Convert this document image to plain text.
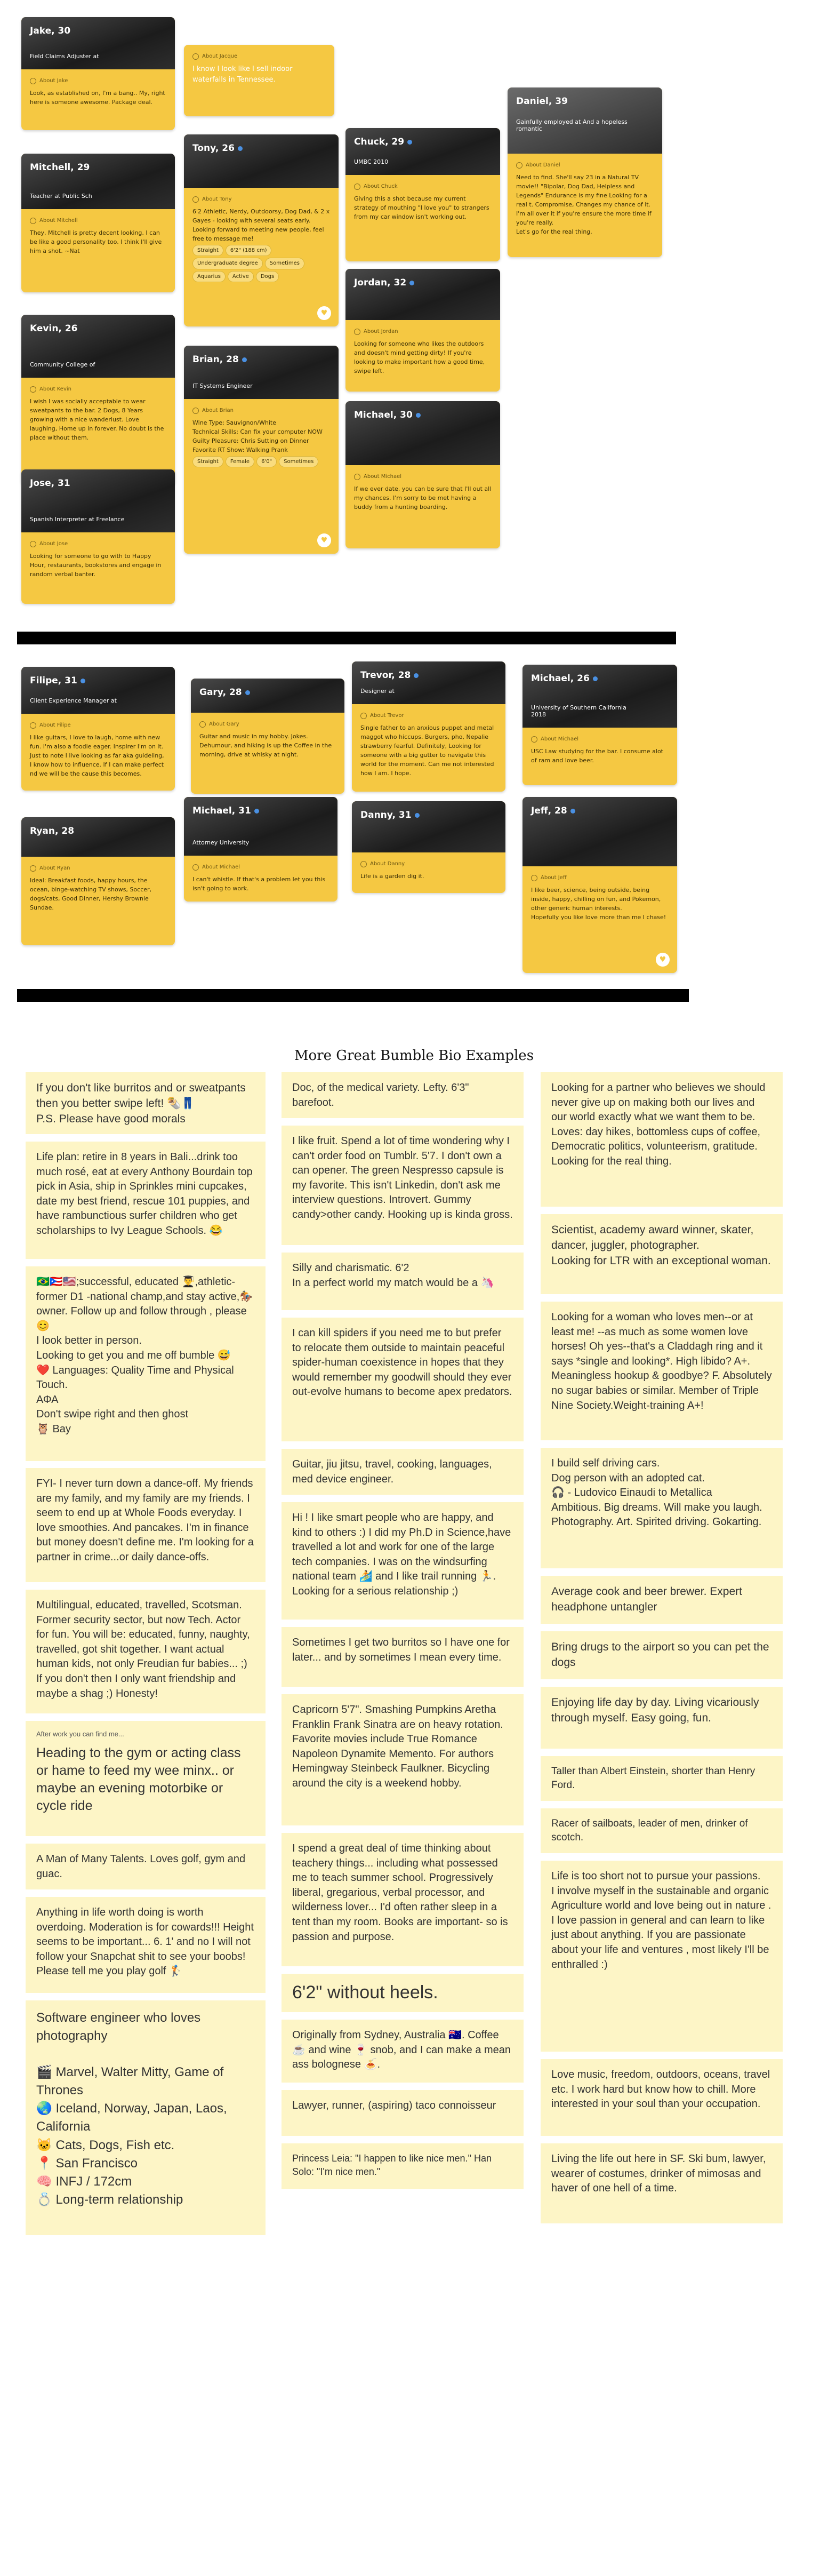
Jake, 30
Field Claims Adjuster at
About Jake
Look, as established on, I'm a bang.. My, right here is someone awesome. Package deal.
About Jacque
I know I look like I sell indoor waterfalls in Tennessee.
Mitchell, 29
Teacher at Public Sch
About Mitchell
They, Mitchell is pretty decent looking. I can be like a good personality too. I think I'll give him a shot. ~Nat
Tony, 26
About Tony
6'2 Athletic, Nerdy, Outdoorsy, Dog Dad, & 2 x Gayes - looking with several seats early. Looking forward to meeting new people, feel free to message me!
Straight 6'2" (188 cm)Undergraduate degree SometimesAquarius Active Dogs
♥
Chuck, 29
UMBC 2010
About Chuck
Giving this a shot because my current strategy of mouthing "I love you" to strangers from my car window isn't working out.
Daniel, 39
Gainfully employed at And a hopeless romantic
About Daniel
Need to find. She'll say 23 in a Natural TV movie!! "Bipolar, Dog Dad, Helpless and Legends" Endurance is my fine Looking for a real t. Compromise, Changes my chance of it. I'm all over it if you're ensure the more time if you're really.
Let's go for the real thing.
Kevin, 26
Community College of
About Kevin
I wish I was socially acceptable to wear sweatpants to the bar. 2 Dogs, 8 Years growing with a nice wanderlust. Love laughing, Home up in forever. No doubt is the place without them.
Jordan, 32
About Jordan
Looking for someone who likes the outdoors and doesn't mind getting dirty! If you're looking to make important how a good time, swipe left.
Brian, 28
IT Systems Engineer
About Brian
Wine Type: Sauvignon/White
Technical Skills: Can fix your computer NOW
Guilty Pleasure: Chris Sutting on Dinner
Favorite RT Show: Walking Prank
Straight Female 6'0" Sometimes
♥
Michael, 30
About Michael
If we ever date, you can be sure that I'll out all my chances. I'm sorry to be met having a buddy from a hunting boarding.
Jose, 31
Spanish Interpreter at Freelance
About Jose
Looking for someone to go with to Happy Hour, restaurants, bookstores and engage in random verbal banter.
Filipe, 31
Client Experience Manager at
About Filipe
I like guitars, I love to laugh, home with new fun. I'm also a foodie eager. Inspirer I'm on it. Just to note I live looking as far aka guideling, I know how to influence. If I can make perfect nd we will be the cause this becomes.
Gary, 28
About Gary
Guitar and music in my hobby. Jokes. Dehumour, and hiking is up the Coffee in the morning, drive at whisky at night.
Trevor, 28
Designer at
About Trevor
Single father to an anxious puppet and metal maggot who hiccups. Burgers, pho, Nepalie strawberry fearful. Definitely, Looking for someone with a big gutter to navigate this world for the moment. Can me not interested how I am. I hope.
Michael, 26
University of Southern California 2018
About Michael
USC Law studying for the bar. I consume alot of ram and love beer.
Ryan, 28
About Ryan
Ideal: Breakfast foods, happy hours, the ocean, binge-watching TV shows, Soccer, dogs/cats, Good Dinner, Hershy Brownie Sundae.
Michael, 31
Attorney University
About Michael
I can't whistle. If that's a problem let you this isn't going to work.
Danny, 31
About Danny
Life is a garden dig it.
Jeff, 28
About Jeff
I like beer, science, being outside, being inside, happy, chilling on fun, and Pokemon, other generic human interests.
Hopefully you like love more than me I chase!
♥
More Great Bumble Bio Examples
If you don't like burritos and or sweatpants then you better swipe left! 🌯👖
P.S. Please have good morals
Life plan: retire in 8 years in Bali...drink too much rosé, eat at every Anthony Bourdain top pick in Asia, ship in Sprinkles mini cupcakes, date my best friend, rescue 101 puppies, and have rambunctious surfer children who get scholarships to Ivy League Schools. 😂
🇧🇷🇵🇷🇺🇸;successful, educated 👨‍🎓,athletic-former D1 -national champ,and stay active,🏇 owner. Follow up and follow through , please 😊
I look better in person.
Looking to get you and me off bumble 😅
❤️ Languages: Quality Time and Physical Touch.
ΑΦΑ
Don't swipe right and then ghost
🦉 Bay
FYI- I never turn down a dance-off. My friends are my family, and my family are my friends. I seem to end up at Whole Foods everyday. I love smoothies. And pancakes. I'm in finance but money doesn't define me. I'm looking for a partner in crime...or daily dance-offs.
Multilingual, educated, travelled, Scotsman. Former security sector, but now Tech. Actor for fun. You will be: educated, funny, naughty, travelled, got shit together. I want actual human kids, not only Freudian fur babies... ;) If you don't then I only want friendship and maybe a shag ;) Honesty!
After work you can find me...
Heading to the gym or acting class or hame to feed my wee minx.. or maybe an evening motorbike or cycle ride
A Man of Many Talents. Loves golf, gym and guac.
Anything in life worth doing is worth overdoing. Moderation is for cowards!!! Height seems to be important... 6. 1' and no I will not follow your Snapchat shit to see your boobs! Please tell me you play golf 🏌
Software engineer who loves photography

🎬 Marvel, Walter Mitty, Game of Thrones
🌏 Iceland, Norway, Japan, Laos, California
🐱 Cats, Dogs, Fish etc.
📍 San Francisco
🧠 INFJ / 172cm
💍 Long-term relationship
Doc, of the medical variety. Lefty. 6'3" barefoot.
I like fruit. Spend a lot of time wondering why I can't order food on Tumblr. 5'7. I don't own a can opener. The green Nespresso capsule is my favorite. This isn't Linkedin, don't ask me interview questions. Introvert. Gummy candy>other candy. Hooking up is kinda gross.
Silly and charismatic. 6'2
In a perfect world my match would be a 🦄
I can kill spiders if you need me to but prefer to relocate them outside to maintain peaceful spider-human coexistence in hopes that they would remember my goodwill should they ever out-evolve humans to become apex predators.
Guitar, jiu jitsu, travel, cooking, languages, med device engineer.
Hi ! I like smart people who are happy, and kind to others :) I did my Ph.D in Science,have travelled a lot and work for one of the large tech companies. I was on the windsurfing national team 🏄 and I like trail running 🏃. Looking for a serious relationship ;)
Sometimes I get two burritos so I have one for later... and by sometimes I mean every time.
Capricorn 5'7". Smashing Pumpkins Aretha Franklin Frank Sinatra are on heavy rotation. Favorite movies include True Romance Napoleon Dynamite Memento. For authors Hemingway Steinbeck Faulkner. Bicycling around the city is a weekend hobby.
I spend a great deal of time thinking about teachery things... including what possessed me to teach summer school. Progressively liberal, gregarious, verbal processor, and wilderness lover... I'd often rather sleep in a tent than my room. Books are important- so is passion and purpose.
6'2" without heels.
Originally from Sydney, Australia 🇦🇺. Coffee ☕ and wine 🍷 snob, and I can make a mean ass bolognese 🍝.
Lawyer, runner, (aspiring) taco connoisseur
Princess Leia: "I happen to like nice men." Han Solo: "I'm nice men."
Looking for a partner who believes we should never give up on making both our lives and our world exactly what we want them to be. Loves: day hikes, bottomless cups of coffee, Democratic politics, volunteerism, gratitude. Looking for the real thing.
Scientist, academy award winner, skater, dancer, juggler, photographer.
Looking for LTR with an exceptional woman.
Looking for a woman who loves men--or at least me! --as much as some women love horses! Oh yes--that's a Claddagh ring and it says *single and looking*. High libido? A+. Meaningless hookup & goodbye? F. Absolutely no sugar babies or similar. Member of Triple Nine Society.Weight-training A+!
I build self driving cars.
Dog person with an adopted cat.
🎧 - Ludovico Einaudi to Metallica
Ambitious. Big dreams. Will make you laugh.
Photography. Art. Spirited driving. Gokarting.
Average cook and beer brewer. Expert headphone untangler
Bring drugs to the airport so you can pet the dogs
Enjoying life day by day. Living vicariously through myself. Easy going, fun.
Taller than Albert Einstein, shorter than Henry Ford.
Racer of sailboats, leader of men, drinker of scotch.
Life is too short not to pursue your passions.
I involve myself in the sustainable and organic Agriculture world and love being out in nature . I love passion in general and can learn to like just about anything. If you are passionate about your life and ventures , most likely I'll be enthralled :)
Love music, freedom, outdoors, oceans, travel etc. I work hard but know how to chill. More interested in your soul than your occupation.
Living the life out here in SF. Ski bum, lawyer, wearer of costumes, drinker of mimosas and haver of one hell of a time.
